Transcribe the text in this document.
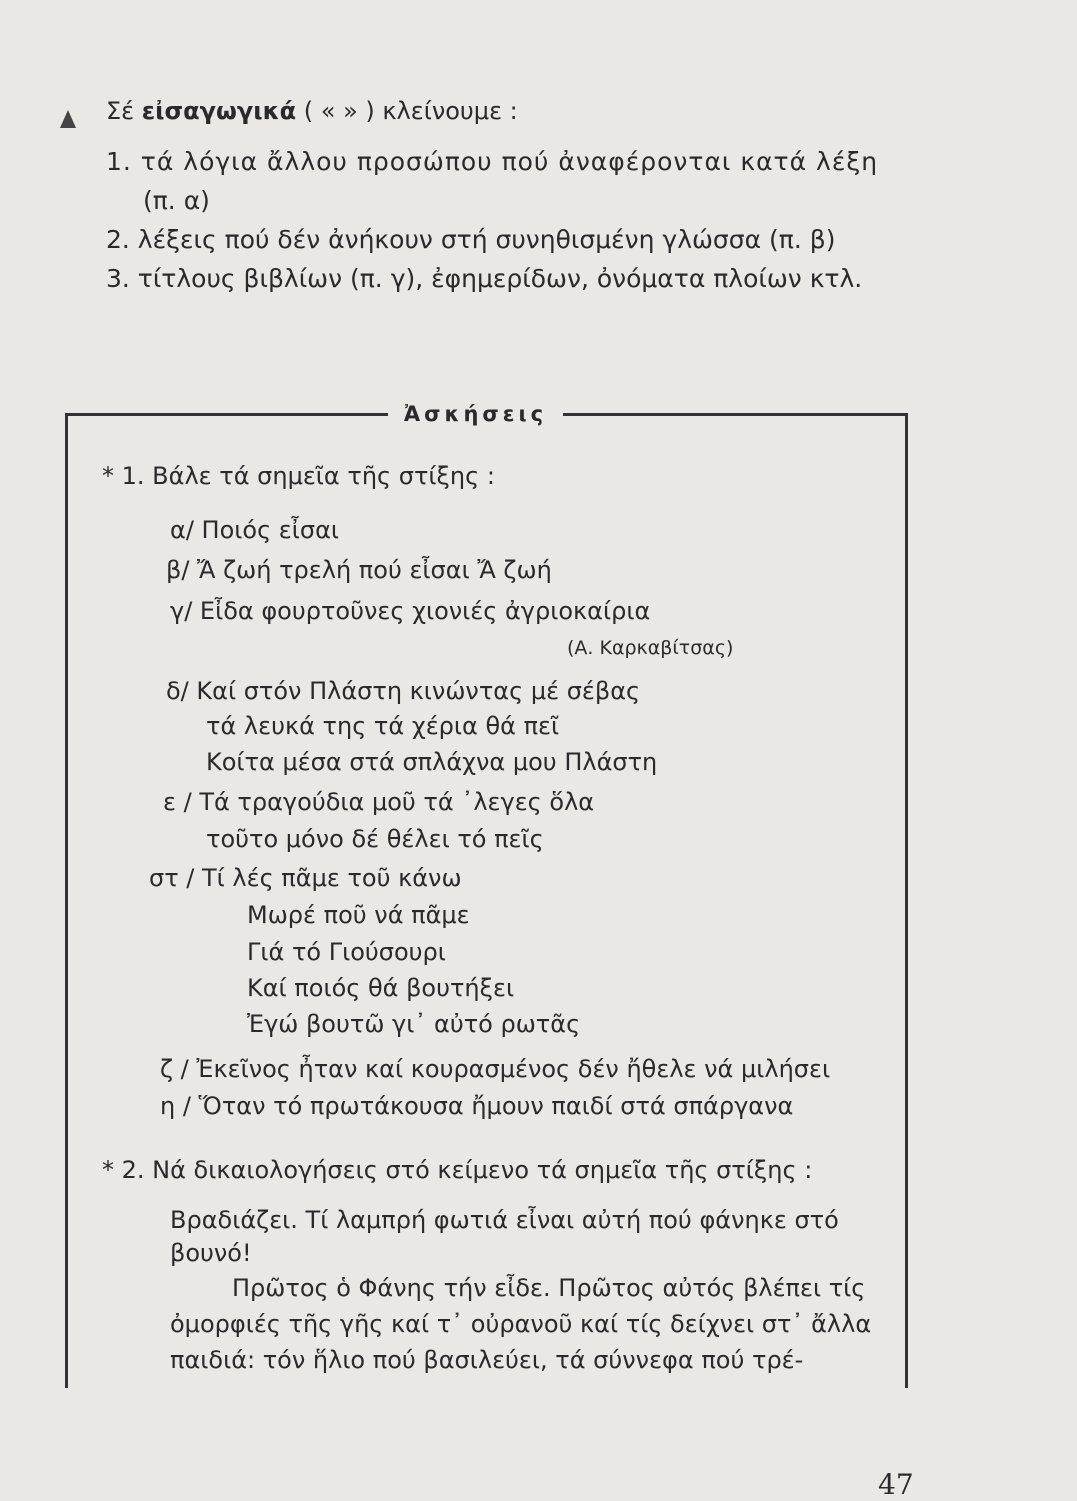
Σέ εἰσαγωγικά ( « » ) κλείνουμε :
1. τά λόγια ἄλλου προσώπου πού ἀναφέρονται κατά λέξη
(π. α)
2. λέξεις πού δέν ἀνήκουν στή συνηθισμένη γλώσσα (π. β)
3. τίτλους βιβλίων (π. γ), ἐφημερίδων, ὀνόματα πλοίων κτλ.
Ἀσκήσεις
* 1. Βάλε τά σημεῖα τῆς στίξης :
α/ Ποιός εἶσαι
β/ Ἄ ζωή τρελή πού εἶσαι Ἄ ζωή
γ/ Εἶδα φουρτοῦνες χιονιές ἀγριοκαίρια
(Α. Καρκαβίτσας)
δ/ Καί στόν Πλάστη κινώντας μέ σέβας
τά λευκά της τά χέρια θά πεῖ
Κοίτα μέσα στά σπλάχνα μου Πλάστη
ε / Τά τραγούδια μοῦ τά ᾿λεγες ὅλα
τοῦτο μόνο δέ θέλει τό πεῖς
στ / Τί λές πᾶμε τοῦ κάνω
Μωρέ ποῦ νά πᾶμε
Γιά τό Γιούσουρι
Καί ποιός θά βουτήξει
Ἐγώ βουτῶ γι᾿ αὐτό ρωτᾶς
ζ / Ἐκεῖνος ἦταν καί κουρασμένος δέν ἤθελε νά μιλήσει
η / Ὅταν τό πρωτάκουσα ἤμουν παιδί στά σπάργανα
* 2. Νά δικαιολογήσεις στό κείμενο τά σημεῖα τῆς στίξης :
Βραδιάζει. Τί λαμπρή φωτιά εἶναι αὐτή πού φάνηκε στό
βουνό!
Πρῶτος ὁ Φάνης τήν εἶδε. Πρῶτος αὐτός βλέπει τίς
ὀμορφιές τῆς γῆς καί τ᾿ οὐρανοῦ καί τίς δείχνει στ᾿ ἄλλα
παιδιά: τόν ἥλιο πού βασιλεύει, τά σύννεφα πού τρέ-
47
